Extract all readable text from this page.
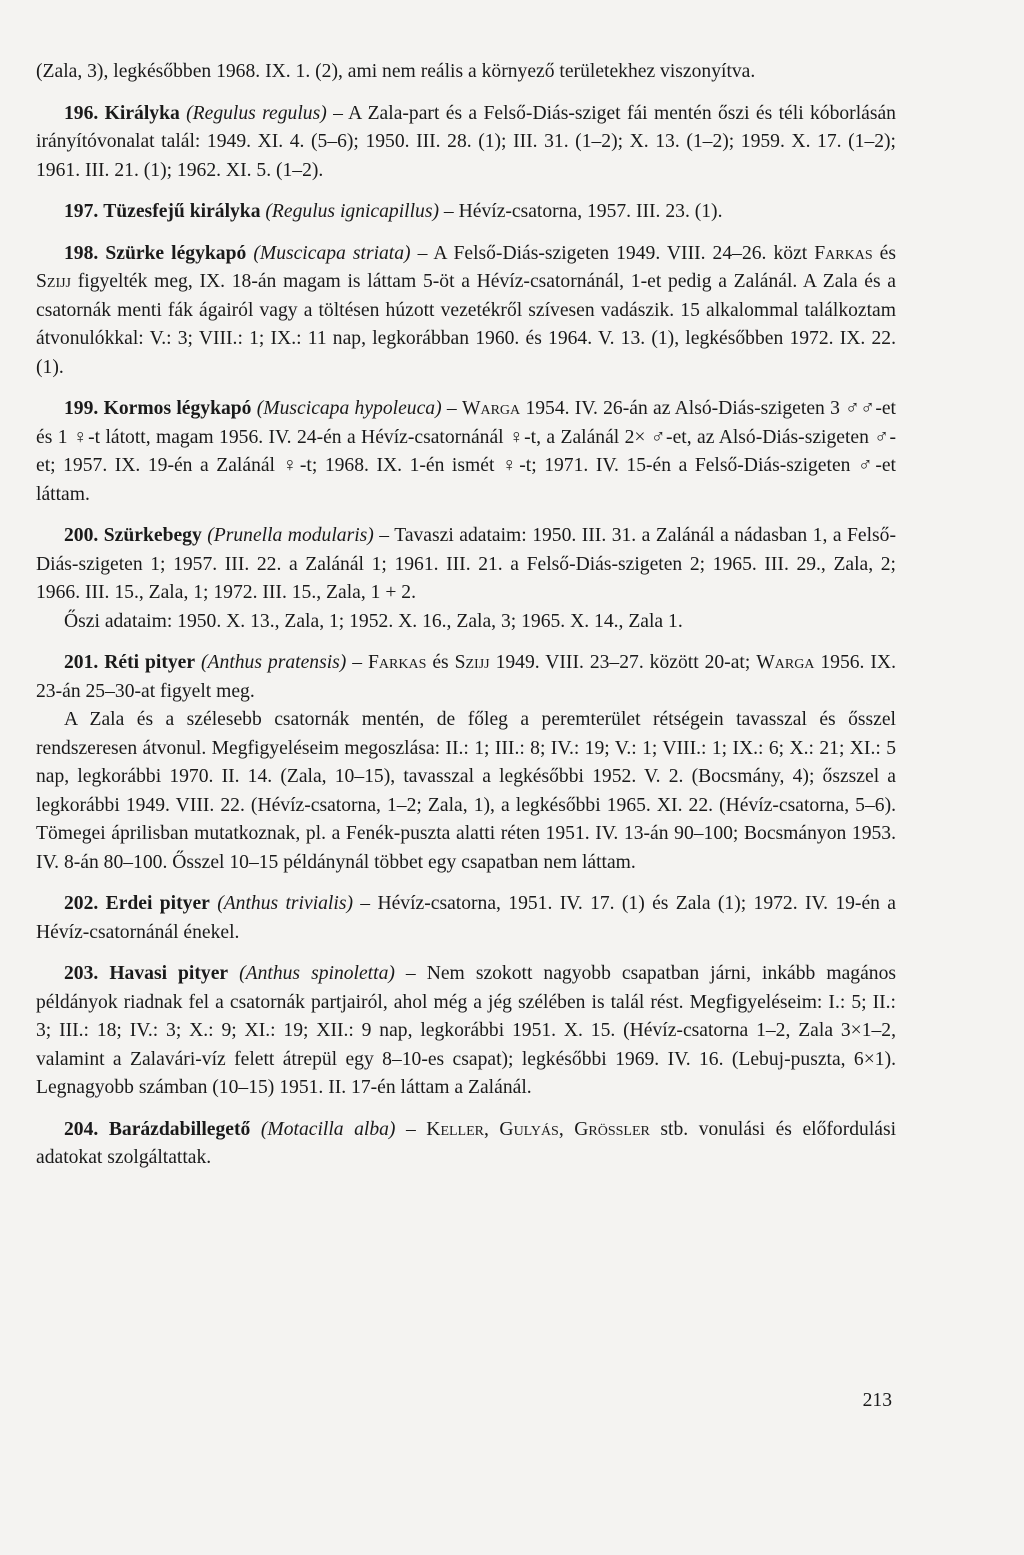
(Zala, 3), legkésőbben 1968. IX. 1. (2), ami nem reális a környező területekhez viszonyítva.

196. Királyka (Regulus regulus) – A Zala-part és a Felső-Diás-sziget fái mentén őszi és téli kóborlásán irányítóvonalat talál: 1949. XI. 4. (5–6); 1950. III. 28. (1); III. 31. (1–2); X. 13. (1–2); 1959. X. 17. (1–2); 1961. III. 21. (1); 1962. XI. 5. (1–2).

197. Tüzesfejű királyka (Regulus ignicapillus) – Hévíz-csatorna, 1957. III. 23. (1).

198. Szürke légykapó (Muscicapa striata) – A Felső-Diás-szigeten 1949. VIII. 24–26. közt Farkas és Szijj figyelték meg, IX. 18-án magam is láttam 5-öt a Hévíz-csatornánál, 1-et pedig a Zalánál. A Zala és a csatornák menti fák ágairól vagy a töltésen húzott vezetékről szívesen vadászik. 15 alkalommal találkoztam átvonulókkal: V.: 3; VIII.: 1; IX.: 11 nap, legkorábban 1960. és 1964. V. 13. (1), legkésőbben 1972. IX. 22. (1).

199. Kormos légykapó (Muscicapa hypoleuca) – Warga 1954. IV. 26-án az Alsó-Diás-szigeten 3 ♂♂-et és 1 ♀-t látott, magam 1956. IV. 24-én a Hévíz-csatornánál ♀-t, a Zalánál 2× ♂-et, az Alsó-Diás-szigeten ♂-et; 1957. IX. 19-én a Zalánál ♀-t; 1968. IX. 1-én ismét ♀-t; 1971. IV. 15-én a Felső-Diás-szigeten ♂-et láttam.

200. Szürkebegy (Prunella modularis) – Tavaszi adataim: 1950. III. 31. a Zalánál a nádasban 1, a Felső-Diás-szigeten 1; 1957. III. 22. a Zalánál 1; 1961. III. 21. a Felső-Diás-szigeten 2; 1965. III. 29., Zala, 2; 1966. III. 15., Zala, 1; 1972. III. 15., Zala, 1 + 2.

Őszi adataim: 1950. X. 13., Zala, 1; 1952. X. 16., Zala, 3; 1965. X. 14., Zala 1.

201. Réti pityer (Anthus pratensis) – Farkas és Szijj 1949. VIII. 23–27. között 20-at; Warga 1956. IX. 23-án 25–30-at figyelt meg.

A Zala és a szélesebb csatornák mentén, de főleg a peremterület rétségein tavasszal és ősszel rendszeresen átvonul. Megfigyeléseim megoszlása: II.: 1; III.: 8; IV.: 19; V.: 1; VIII.: 1; IX.: 6; X.: 21; XI.: 5 nap, legkorábbi 1970. II. 14. (Zala, 10–15), tavasszal a legkésőbbi 1952. V. 2. (Bocsmány, 4); őszszel a legkorábbi 1949. VIII. 22. (Hévíz-csatorna, 1–2; Zala, 1), a legkésőbbi 1965. XI. 22. (Hévíz-csatorna, 5–6). Tömegei áprilisban mutatkoznak, pl. a Fenék-puszta alatti réten 1951. IV. 13-án 90–100; Bocsmányon 1953. IV. 8-án 80–100. Ősszel 10–15 példánynál többet egy csapatban nem láttam.

202. Erdei pityer (Anthus trivialis) – Hévíz-csatorna, 1951. IV. 17. (1) és Zala (1); 1972. IV. 19-én a Hévíz-csatornánál énekel.

203. Havasi pityer (Anthus spinoletta) – Nem szokott nagyobb csapatban járni, inkább magános példányok riadnak fel a csatornák partjairól, ahol még a jég szélében is talál rést. Megfigyeléseim: I.: 5; II.: 3; III.: 18; IV.: 3; X.: 9; XI.: 19; XII.: 9 nap, legkorábbi 1951. X. 15. (Hévíz-csatorna 1–2, Zala 3×1–2, valamint a Zalavári-víz felett átrepül egy 8–10-es csapat); legkésőbbi 1969. IV. 16. (Lebuj-puszta, 6×1). Legnagyobb számban (10–15) 1951. II. 17-én láttam a Zalánál.

204. Barázdabillegető (Motacilla alba) – Keller, Gulyás, Grössler stb. vonulási és előfordulási adatokat szolgáltattak.

213
